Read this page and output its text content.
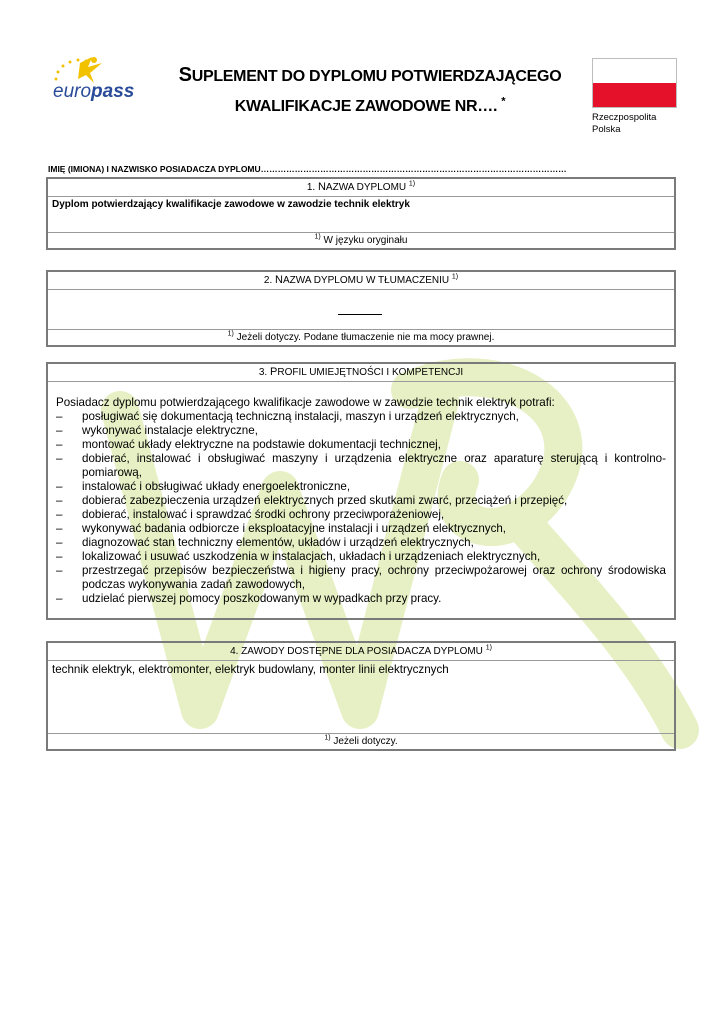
europass
SUPLEMENT DO DYPLOMU POTWIERDZAJĄCEGO
KWALIFIKACJE ZAWODOWE NR…. *
Rzeczpospolita
Polska
IMIĘ (IMIONA) I NAZWISKO POSIADACZA DYPLOMU………………………………………………………………………………………………
1. NAZWA DYPLOMU $^{1)}$
Dyplom potwierdzający kwalifikacje zawodowe w zawodzie technik elektryk
$^{1)}$ W języku oryginału
2. NAZWA DYPLOMU W TŁUMACZENIU $^{1)}$
$^{1)}$ Jeżeli dotyczy. Podane tłumaczenie nie ma mocy prawnej.
3. PROFIL UMIEJĘTNOŚCI I KOMPETENCJI
Posiadacz dyplomu potwierdzającego kwalifikacje zawodowe w zawodzie technik elektryk potrafi:
– posługiwać się dokumentacją techniczną instalacji, maszyn i urządzeń elektrycznych,
– wykonywać instalacje elektryczne,
– montować układy elektryczne na podstawie dokumentacji technicznej,
– dobierać, instalować i obsługiwać maszyny i urządzenia elektryczne oraz aparaturę sterującą i kontrolno-pomiarową,
– instalować i obsługiwać układy energoelektroniczne,
– dobierać zabezpieczenia urządzeń elektrycznych przed skutkami zwarć, przeciążeń i przepięć,
– dobierać, instalować i sprawdzać środki ochrony przeciwporażeniowej,
– wykonywać badania odbiorcze i eksploatacyjne instalacji i urządzeń elektrycznych,
– diagnozować stan techniczny elementów, układów i urządzeń elektrycznych,
– lokalizować i usuwać uszkodzenia w instalacjach, układach i urządzeniach elektrycznych,
– przestrzegać przepisów bezpieczeństwa i higieny pracy, ochrony przeciwpożarowej oraz ochrony środowiska podczas wykonywania zadań zawodowych,
– udzielać pierwszej pomocy poszkodowanym w wypadkach przy pracy.
4. ZAWODY DOSTĘPNE DLA POSIADACZA DYPLOMU $^{1)}$
technik elektryk, elektromonter, elektryk budowlany, monter linii elektrycznych
$^{1)}$ Jeżeli dotyczy.
